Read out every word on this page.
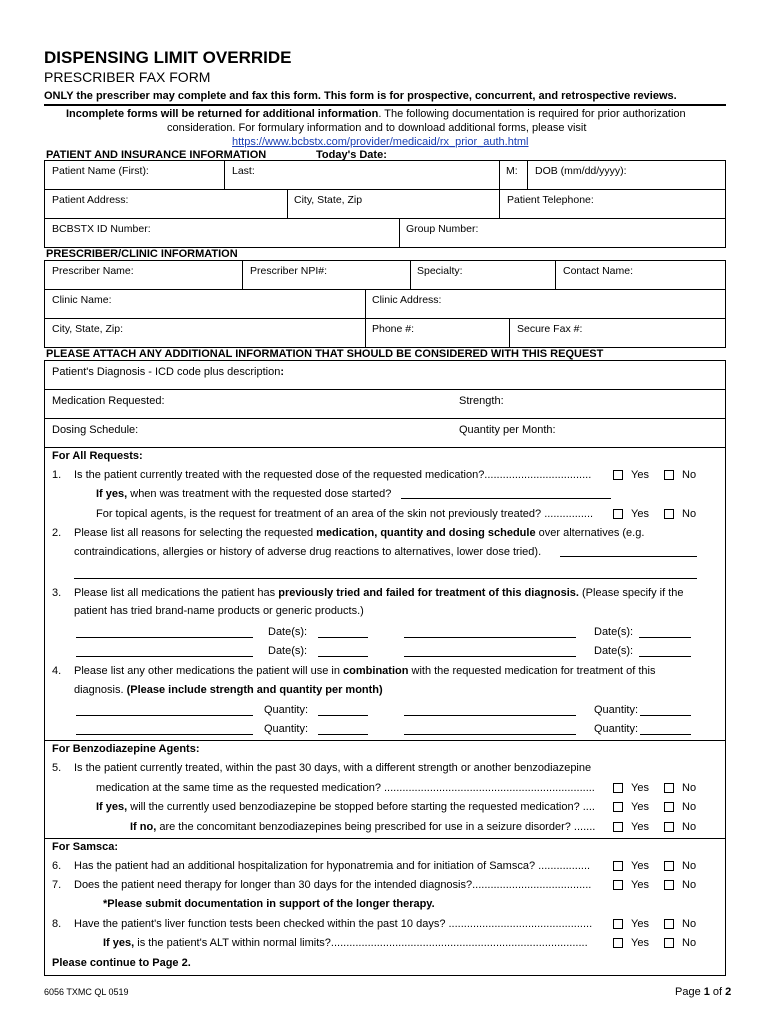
DISPENSING LIMIT OVERRIDE
PRESCRIBER FAX FORM
ONLY the prescriber may complete and fax this form. This form is for prospective, concurrent, and retrospective reviews.
Incomplete forms will be returned for additional information. The following documentation is required for prior authorization
consideration. For formulary information and to download additional forms, please visit
https://www.bcbstx.com/provider/medicaid/rx_prior_auth.html
PATIENT AND INSURANCE INFORMATION	Today's Date:
Patient Name (First):	Last:	M: DOB (mm/dd/yyyy):
Patient Address:	City, State, Zip	Patient Telephone:
BCBSTX ID Number:	Group Number:
PRESCRIBER/CLINIC INFORMATION
Prescriber Name:	Prescriber NPI#:	Specialty:	Contact Name:
Clinic Name:	Clinic Address:
City, State, Zip:	Phone #:	Secure Fax #:
PLEASE ATTACH ANY ADDITIONAL INFORMATION THAT SHOULD BE CONSIDERED WITH THIS REQUEST
Patient's Diagnosis - ICD code plus description:
Medication Requested:	Strength:
Dosing Schedule:	Quantity per Month:
For All Requests:
1. Is the patient currently treated with the requested dose of the requested medication?...................................	Yes	No
If yes, when was treatment with the requested dose started?
For topical agents, is the request for treatment of an area of the skin not previously treated? ................	Yes	No
2. Please list all reasons for selecting the requested medication, quantity and dosing schedule over alternatives (e.g.
contraindications, allergies or history of adverse drug reactions to alternatives, lower dose tried).
3. Please list all medications the patient has previously tried and failed for treatment of this diagnosis. (Please specify if the
patient has tried brand-name products or generic products.)
Date(s):	Date(s):
Date(s):	Date(s):
4. Please list any other medications the patient will use in combination with the requested medication for treatment of this
diagnosis. (Please include strength and quantity per month)
Quantity:	Quantity:
Quantity:	Quantity:
For Benzodiazepine Agents:
5. Is the patient currently treated, within the past 30 days, with a different strength or another benzodiazepine
medication at the same time as the requested medication? .....................................................................	Yes	No
If yes, will the currently used benzodiazepine be stopped before starting the requested medication? ....	Yes	No
If no, are the concomitant benzodiazepines being prescribed for use in a seizure disorder? .......	Yes	No
For Samsca:
6. Has the patient had an additional hospitalization for hyponatremia and for initiation of Samsca? .................	Yes	No
7. Does the patient need therapy for longer than 30 days for the intended diagnosis?.......................................	Yes	No
*Please submit documentation in support of the longer therapy.
8. Have the patient's liver function tests been checked within the past 10 days? ...............................................	Yes	No
If yes, is the patient's ALT within normal limits?....................................................................................	Yes	No
Please continue to Page 2.
6056 TXMC QL 0519	Page 1 of 2
